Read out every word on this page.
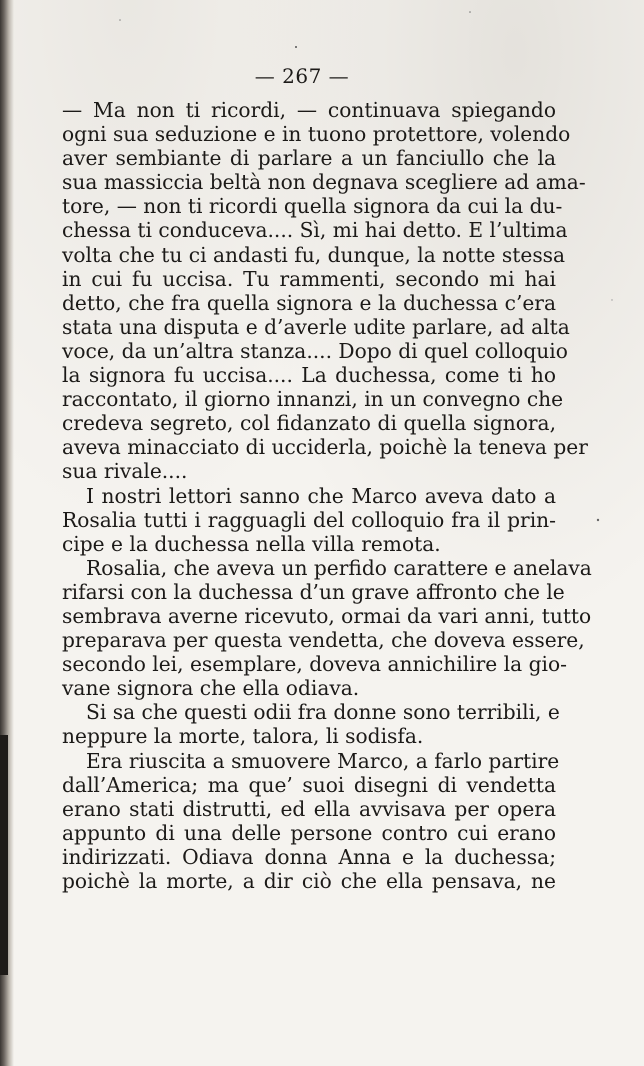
— 267 —
— Ma non ti ricordi, — continuava spiegando
ogni sua seduzione e in tuono protettore, volendo
aver sembiante di parlare a un fanciullo che la
sua massiccia beltà non degnava scegliere ad ama-
tore, — non ti ricordi quella signora da cui la du-
chessa ti conduceva.... Sì, mi hai detto. E l’ultima
volta che tu ci andasti fu, dunque, la notte stessa
in cui fu uccisa. Tu rammenti, secondo mi hai
detto, che fra quella signora e la duchessa c’era
stata una disputa e d’averle udite parlare, ad alta
voce, da un’altra stanza.... Dopo di quel colloquio
la signora fu uccisa.... La duchessa, come ti ho
raccontato, il giorno innanzi, in un convegno che
credeva segreto, col fidanzato di quella signora,
aveva minacciato di ucciderla, poichè la teneva per
sua rivale....
I nostri lettori sanno che Marco aveva dato a
Rosalia tutti i ragguagli del colloquio fra il prin-
cipe e la duchessa nella villa remota.
Rosalia, che aveva un perfido carattere e anelava
rifarsi con la duchessa d’un grave affronto che le
sembrava averne ricevuto, ormai da vari anni, tutto
preparava per questa vendetta, che doveva essere,
secondo lei, esemplare, doveva annichilire la gio-
vane signora che ella odiava.
Si sa che questi odii fra donne sono terribili, e
neppure la morte, talora, li sodisfa.
Era riuscita a smuovere Marco, a farlo partire
dall’America; ma que’ suoi disegni di vendetta
erano stati distrutti, ed ella avvisava per opera
appunto di una delle persone contro cui erano
indirizzati. Odiava donna Anna e la duchessa;
poichè la morte, a dir ciò che ella pensava, ne
